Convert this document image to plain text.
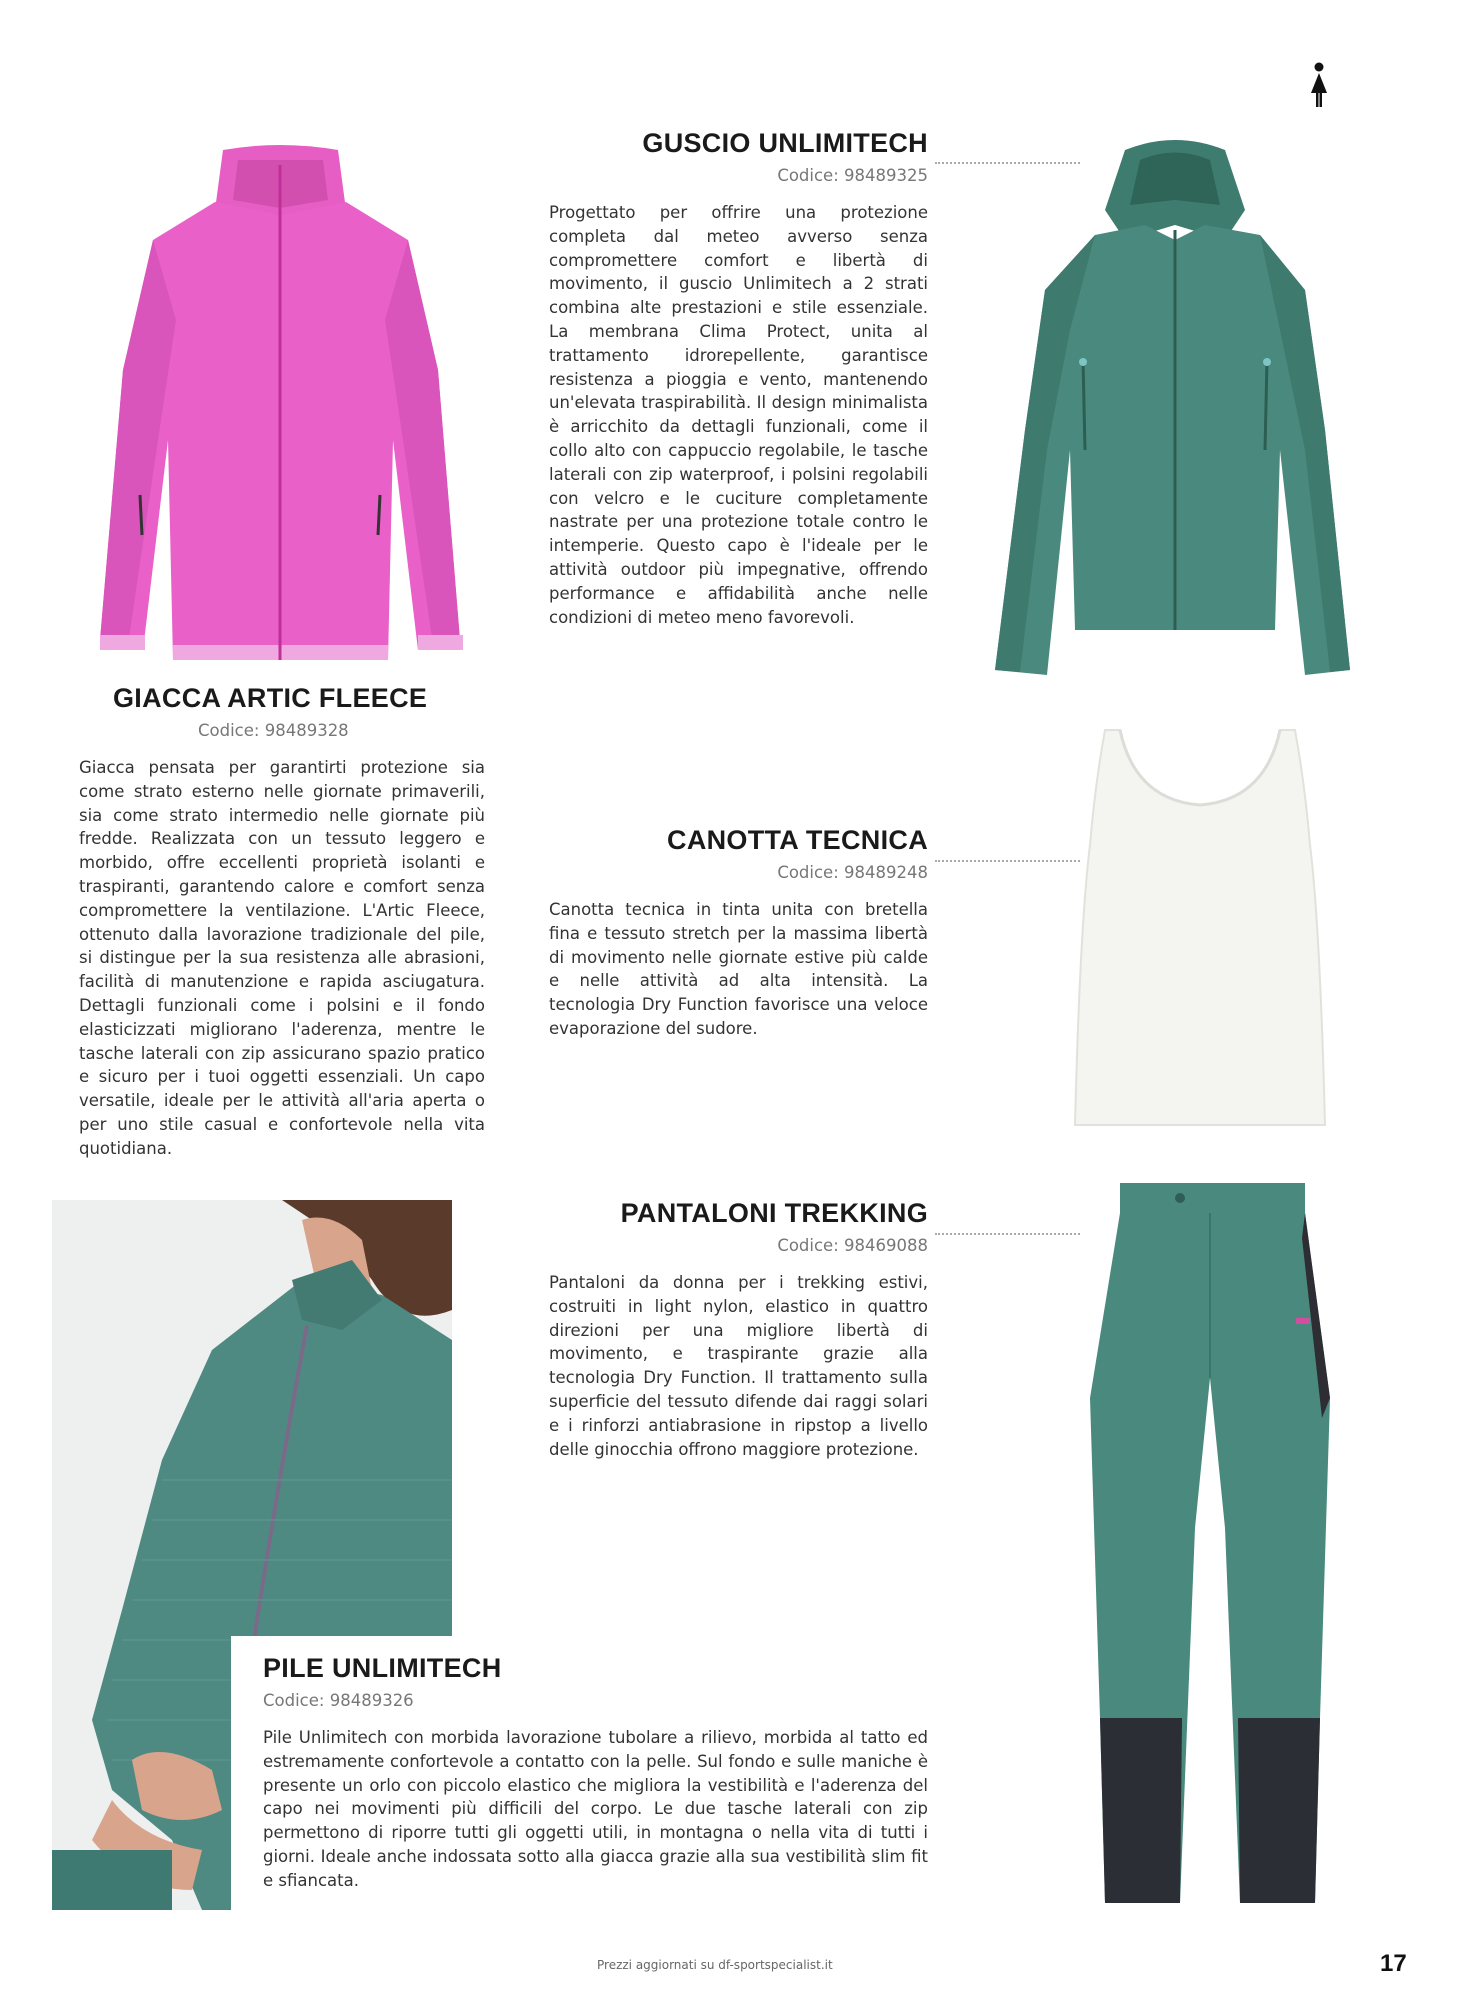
GUSCIO UNLIMITECH
Codice: 98489325
Progettato per offrire una protezione completa dal meteo avverso senza compromettere comfort e libertà di movimento, il guscio Unlimitech a 2 strati combina alte prestazioni e stile essenziale. La membrana Clima Protect, unita al trattamento idrorepellente, garantisce resistenza a pioggia e vento, mantenendo un'elevata traspirabilità. Il design minimalista è arricchito da dettagli funzionali, come il collo alto con cappuccio regolabile, le tasche laterali con zip waterproof, i polsini regolabili con velcro e le cuciture completamente nastrate per una protezione totale contro le intemperie. Questo capo è l'ideale per le attività outdoor più impegnative, offrendo performance e affidabilità anche nelle condizioni di meteo meno favorevoli.
GIACCA ARTIC FLEECE
Codice: 98489328
Giacca pensata per garantirti protezione sia come strato esterno nelle giornate primaverili, sia come strato intermedio nelle giornate più fredde. Realizzata con un tessuto leggero e morbido, offre eccellenti proprietà isolanti e traspiranti, garantendo calore e comfort senza compromettere la ventilazione. L'Artic Fleece, ottenuto dalla lavorazione tradizionale del pile, si distingue per la sua resistenza alle abrasioni, facilità di manutenzione e rapida asciugatura. Dettagli funzionali come i polsini e il fondo elasticizzati migliorano l'aderenza, mentre le tasche laterali con zip assicurano spazio pratico e sicuro per i tuoi oggetti essenziali. Un capo versatile, ideale per le attività all'aria aperta o per uno stile casual e confortevole nella vita quotidiana.
CANOTTA TECNICA
Codice: 98489248
Canotta tecnica in tinta unita con bretella fina e tessuto stretch per la massima libertà di movimento nelle giornate estive più calde e nelle attività ad alta intensità. La tecnologia Dry Function favorisce una veloce evaporazione del sudore.
PANTALONI TREKKING
Codice: 98469088
Pantaloni da donna per i trekking estivi, costruiti in light nylon, elastico in quattro direzioni per una migliore libertà di movimento, e traspirante grazie alla tecnologia Dry Function. Il trattamento sulla superficie del tessuto difende dai raggi solari e i rinforzi antiabrasione in ripstop a livello delle ginocchia offrono maggiore protezione.
PILE UNLIMITECH
Codice: 98489326
Pile Unlimitech con morbida lavorazione tubolare a rilievo, morbida al tatto ed estremamente confortevole a contatto con la pelle. Sul fondo e sulle maniche è presente un orlo con piccolo elastico che migliora la vestibilità e l'aderenza del capo nei movimenti più difficili del corpo. Le due tasche laterali con zip permettono di riporre tutti gli oggetti utili, in montagna o nella vita di tutti i giorni. Ideale anche indossata sotto alla giacca grazie alla sua vestibilità slim fit e sfiancata.
Prezzi aggiornati su df-sportspecialist.it	17
